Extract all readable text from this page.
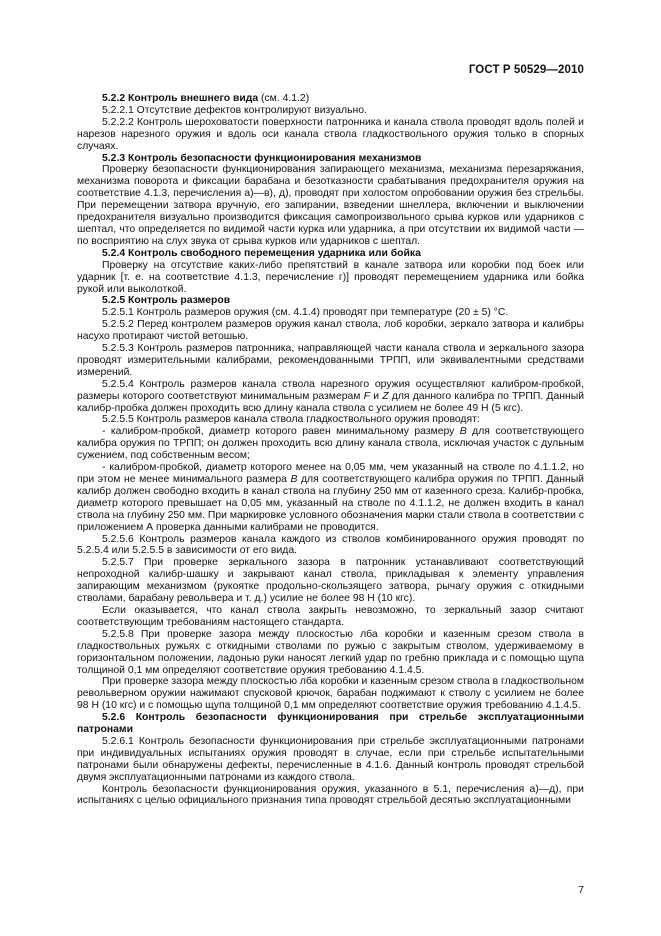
ГОСТ Р 50529—2010

5.2.2 Контроль внешнего вида (см. 4.1.2)

5.2.2.1 Отсутствие дефектов контролируют визуально.

5.2.2.2 Контроль шероховатости поверхности патронника и канала ствола проводят вдоль полей и нарезов нарезного оружия и вдоль оси канала ствола гладкоствольного оружия только в спорных случаях.

5.2.3 Контроль безопасности функционирования механизмов

Проверку безопасности функционирования запирающего механизма, механизма перезаряжания, механизма поворота и фиксации барабана и безотказности срабатывания предохранителя оружия на соответствие 4.1.3, перечисления а)—в), д), проводят при холостом опробовании оружия без стрельбы. При перемещении затвора вручную, его запирании, взведении шнеллера, включении и выключении предохранителя визуально производится фиксация самопроизвольного срыва курков или ударников с шептал, что определяется по видимой части курка или ударника, а при отсутствии их видимой части — по восприятию на слух звука от срыва курков или ударников с шептал.

5.2.4 Контроль свободного перемещения ударника или бойка

Проверку на отсутствие каких-либо препятствий в канале затвора или коробки под боек или ударник [т. е. на соответствие 4.1.3, перечисление г)] проводят перемещением ударника или бойка рукой или выколоткой.

5.2.5 Контроль размеров

5.2.5.1 Контроль размеров оружия (см. 4.1.4) проводят при температуре (20 ± 5) °С.

5.2.5.2 Перед контролем размеров оружия канал ствола, лоб коробки, зеркало затвора и калибры насухо протирают чистой ветошью.

5.2.5.3 Контроль размеров патронника, направляющей части канала ствола и зеркального зазора проводят измерительными калибрами, рекомендованными ТРПП, или эквивалентными средствами измерений.

5.2.5.4 Контроль размеров канала ствола нарезного оружия осуществляют калибром-пробкой, размеры которого соответствуют минимальным размерам F и Z для данного калибра по ТРПП. Данный калибр-пробка должен проходить всю длину канала ствола с усилием не более 49 Н (5 кгс).

5.2.5.5 Контроль размеров канала ствола гладкоствольного оружия проводят:

- калибром-пробкой, диаметр которого равен минимальному размеру B для соответствующего калибра оружия по ТРПП; он должен проходить всю длину канала ствола, исключая участок с дульным сужением, под собственным весом;

- калибром-пробкой, диаметр которого менее на 0,05 мм, чем указанный на стволе по 4.1.1.2, но при этом не менее минимального размера B для соответствующего калибра оружия по ТРПП. Данный калибр должен свободно входить в канал ствола на глубину 250 мм от казенного среза. Калибр-пробка, диаметр которого превышает на 0,05 мм, указанный на стволе по 4.1.1.2, не должен входить в канал ствола на глубину 250 мм. При маркировке условного обозначения марки стали ствола в соответствии с приложением А проверка данными калибрами не проводится.

5.2.5.6 Контроль размеров канала каждого из стволов комбинированного оружия проводят по 5.2.5.4 или 5.2.5.5 в зависимости от его вида.

5.2.5.7 При проверке зеркального зазора в патронник устанавливают соответствующий непроходной калибр-шашку и закрывают канал ствола, прикладывая к элементу управления запирающим механизмом (рукоятке продольно-скользящего затвора, рычагу оружия с откидными стволами, барабану револьвера и т. д.) усилие не более 98 Н (10 кгс).

Если оказывается, что канал ствола закрыть невозможно, то зеркальный зазор считают соответствующим требованиям настоящего стандарта.

5.2.5.8 При проверке зазора между плоскостью лба коробки и казенным срезом ствола в гладкоствольных ружьях с откидными стволами по ружью с закрытым стволом, удерживаемому в горизонтальном положении, ладонью руки наносят легкий удар по гребню приклада и с помощью щупа толщиной 0,1 мм определяют соответствие оружия требованию 4.1.4.5.

При проверке зазора между плоскостью лба коробки и казенным срезом ствола в гладкоствольном револьверном оружии нажимают спусковой крючок, барабан поджимают к стволу с усилием не более 98 Н (10 кгс) и с помощью щупа толщиной 0,1 мм определяют соответствие оружия требованию 4.1.4.5.

5.2.6 Контроль безопасности функционирования при стрельбе эксплуатационными патронами

5.2.6.1 Контроль безопасности функционирования при стрельбе эксплуатационными патронами при индивидуальных испытаниях оружия проводят в случае, если при стрельбе испытательными патронами были обнаружены дефекты, перечисленные в 4.1.6. Данный контроль проводят стрельбой двумя эксплуатационными патронами из каждого ствола.

Контроль безопасности функционирования оружия, указанного в 5.1, перечисления а)—д), при испытаниях с целью официального признания типа проводят стрельбой десятью эксплуатационными

7
